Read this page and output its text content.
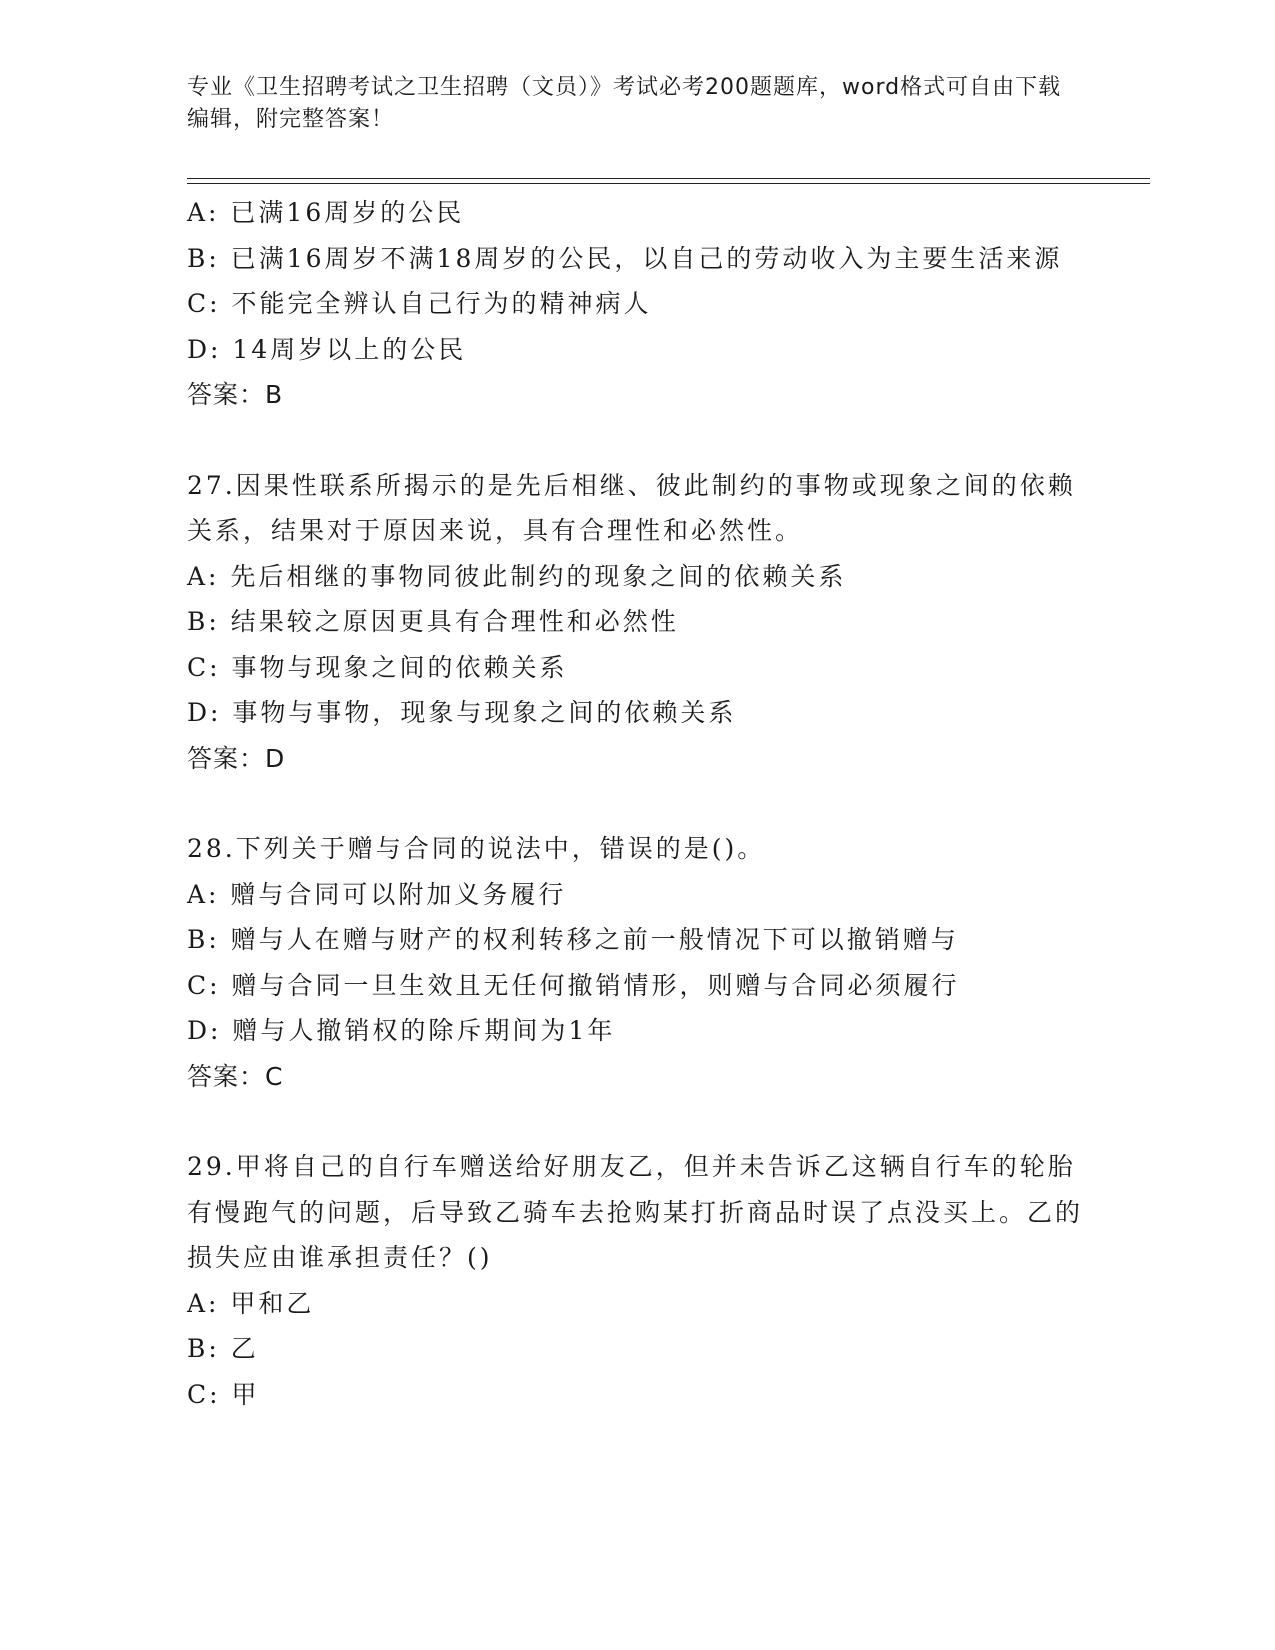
专业《卫生招聘考试之卫生招聘（文员）》考试必考200题题库，word格式可自由下载编辑，附完整答案！
A: 已满16周岁的公民
B: 已满16周岁不满18周岁的公民，以自己的劳动收入为主要生活来源
C: 不能完全辨认自己行为的精神病人
D: 14周岁以上的公民
答案：B
27.因果性联系所揭示的是先后相继、彼此制约的事物或现象之间的依赖关系，结果对于原因来说，具有合理性和必然性。
A: 先后相继的事物同彼此制约的现象之间的依赖关系
B: 结果较之原因更具有合理性和必然性
C: 事物与现象之间的依赖关系
D: 事物与事物，现象与现象之间的依赖关系
答案：D
28.下列关于赠与合同的说法中，错误的是()。
A: 赠与合同可以附加义务履行
B: 赠与人在赠与财产的权利转移之前一般情况下可以撤销赠与
C: 赠与合同一旦生效且无任何撤销情形，则赠与合同必须履行
D: 赠与人撤销权的除斥期间为1年
答案：C
29.甲将自己的自行车赠送给好朋友乙，但并未告诉乙这辆自行车的轮胎有慢跑气的问题，后导致乙骑车去抢购某打折商品时误了点没买上。乙的损失应由谁承担责任？()
A: 甲和乙
B: 乙
C: 甲
